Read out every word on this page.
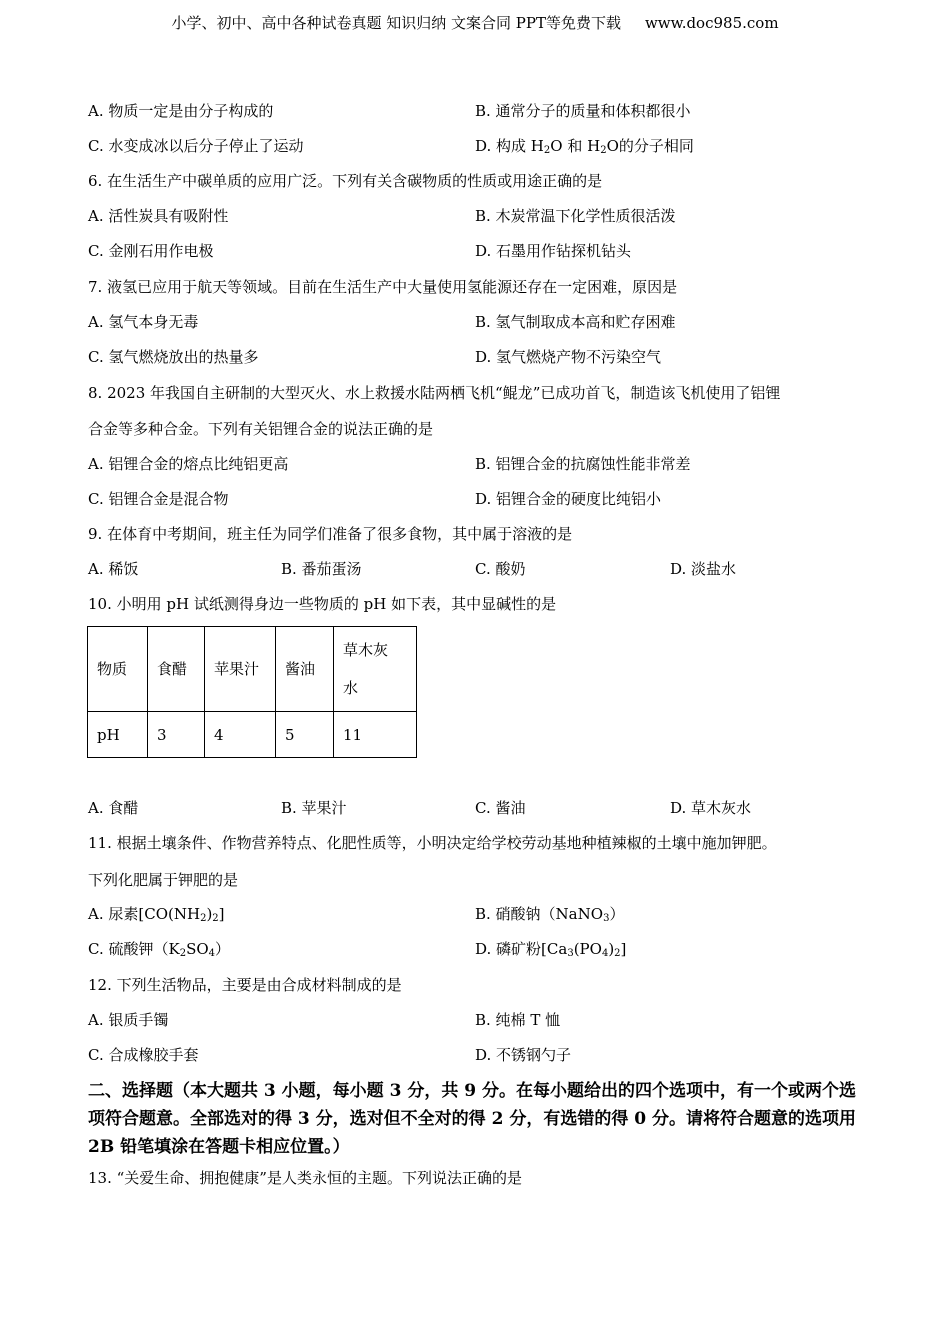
小学、初中、高中各种试卷真题 知识归纳 文案合同 PPT等免费下载 www.doc985.com
A. 物质一定是由分子构成的	B. 通常分子的质量和体积都很小
C. 水变成冰以后分子停止了运动	D. 构成 $H_2O$ 和 $H_2O$的分子相同
6. 在生活生产中碳单质的应用广泛。下列有关含碳物质的性质或用途正确的是
A. 活性炭具有吸附性	B. 木炭常温下化学性质很活泼
C. 金刚石用作电极	D. 石墨用作钻探机钻头
7. 液氢已应用于航天等领域。目前在生活生产中大量使用氢能源还存在一定困难，原因是
A. 氢气本身无毒	B. 氢气制取成本高和贮存困难
C. 氢气燃烧放出的热量多	D. 氢气燃烧产物不污染空气
8. 2023 年我国自主研制的大型灭火、水上救援水陆两栖飞机“鲲龙”已成功首飞，制造该飞机使用了铝锂
合金等多种合金。下列有关铝锂合金的说法正确的是
A. 铝锂合金的熔点比纯铝更高	B. 铝锂合金的抗腐蚀性能非常差
C. 铝锂合金是混合物	D. 铝锂合金的硬度比纯铝小
9. 在体育中考期间，班主任为同学们准备了很多食物，其中属于溶液的是
A. 稀饭	B. 番茄蛋汤	C. 酸奶	D. 淡盐水
10. 小明用 pH 试纸测得身边一些物质的 pH 如下表，其中显碱性的是
物质	食醋	苹果汁	酱油	草木灰
水

pH	3	4	5	11
A. 食醋	B. 苹果汁	C. 酱油	D. 草木灰水
11. 根据土壤条件、作物营养特点、化肥性质等，小明决定给学校劳动基地种植辣椒的土壤中施加钾肥。
下列化肥属于钾肥的是
A. 尿素$[CO(NH_2)_2]$	B. 硝酸钠（NaNO$_3$）
C. 硫酸钾$(K_2SO_4)$	D. 磷矿粉$[Ca_3(PO_4)_2]$
12. 下列生活物品，主要是由合成材料制成的是
A. 银质手镯	B. 纯棉 T 恤
C. 合成橡胶手套	D. 不锈钢勺子
二、选择题（本大题共 3 小题，每小题 3 分，共 9 分。在每小题给出的四个选项中，有一个或两个选项符合题意。全部选对的得 3 分，选对但不全对的得 2 分，有选错的得 0 分。请将符合题意的选项用 2B 铅笔填涂在答题卡相应位置。）
13. “关爱生命、拥抱健康”是人类永恒的主题。下列说法正确的是
